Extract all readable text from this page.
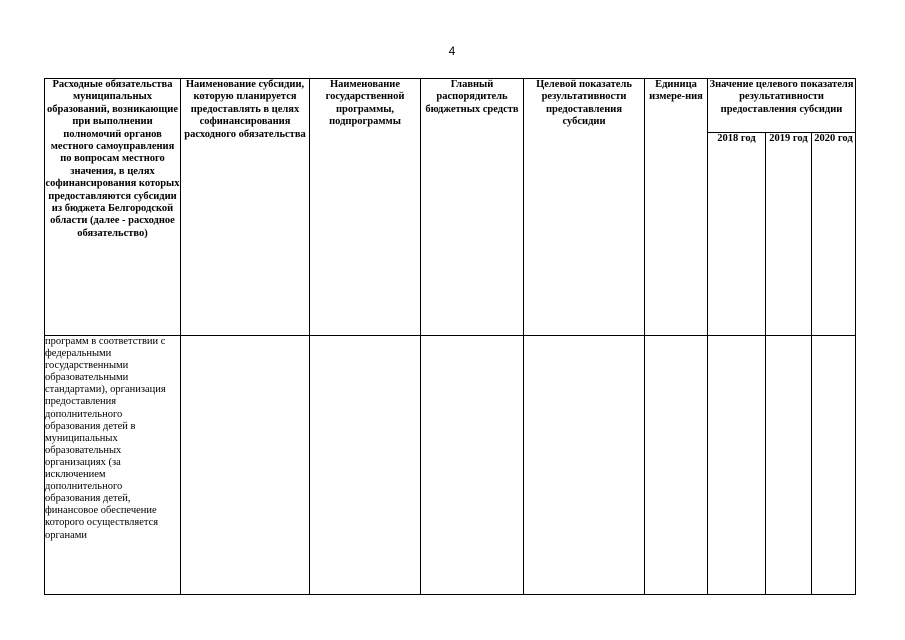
4
Расходные обязательства муниципальных образований, возникающие при выполнении полномочий органов местного самоуправления по вопросам местного значения, в целях софинансирования которых предоставляются субсидии из бюджета Белгородской области (далее - расходное обязательство)	Наименование субсидии, которую планируется предоставлять в целях софинансирования расходного обязательства	Наименование государственной программы, подпрограммы	Главный распорядитель бюджетных средств	Целевой показатель результативности предоставления субсидии	Единица измере-ния	Значение целевого показателя результативности предоставления субсидии		

						2018 год	2019 год	2020 год

программ в соответствии с федеральными государственными образовательными стандартами), организация предоставления дополнительного образования детей в муниципальных образовательных организациях (за исключением дополнительного образования детей, финансовое обеспечение которого осуществляется органами								
